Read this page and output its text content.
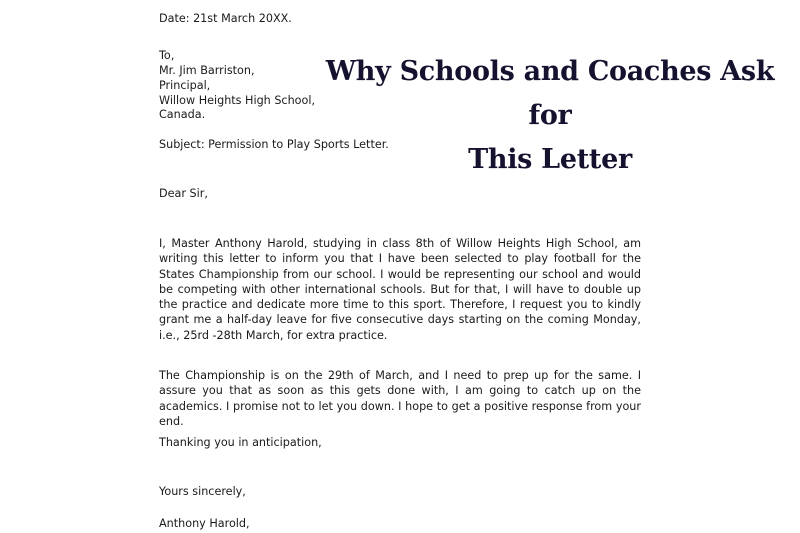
Date: 21st March 20XX.
To,
Mr. Jim Barriston,
Principal,
Willow Heights High School,
Canada.
Subject: Permission to Play Sports Letter.
Dear Sir,
I, Master Anthony Harold, studying in class 8th of Willow Heights High School, am writing this letter to inform you that I have been selected to play football for the States Championship from our school. I would be representing our school and would be competing with other international schools. But for that, I will have to double up the practice and dedicate more time to this sport. Therefore, I request you to kindly grant me a half-day leave for five consecutive days starting on the coming Monday, i.e., 25rd -28th March, for extra practice.
The Championship is on the 29th of March, and I need to prep up for the same. I assure you that as soon as this gets done with, I am going to catch up on the academics. I promise not to let you down. I hope to get a positive response from your end.
Thanking you in anticipation,
Yours sincerely,
Anthony Harold,
Why Schools and Coaches Ask for
This Letter
